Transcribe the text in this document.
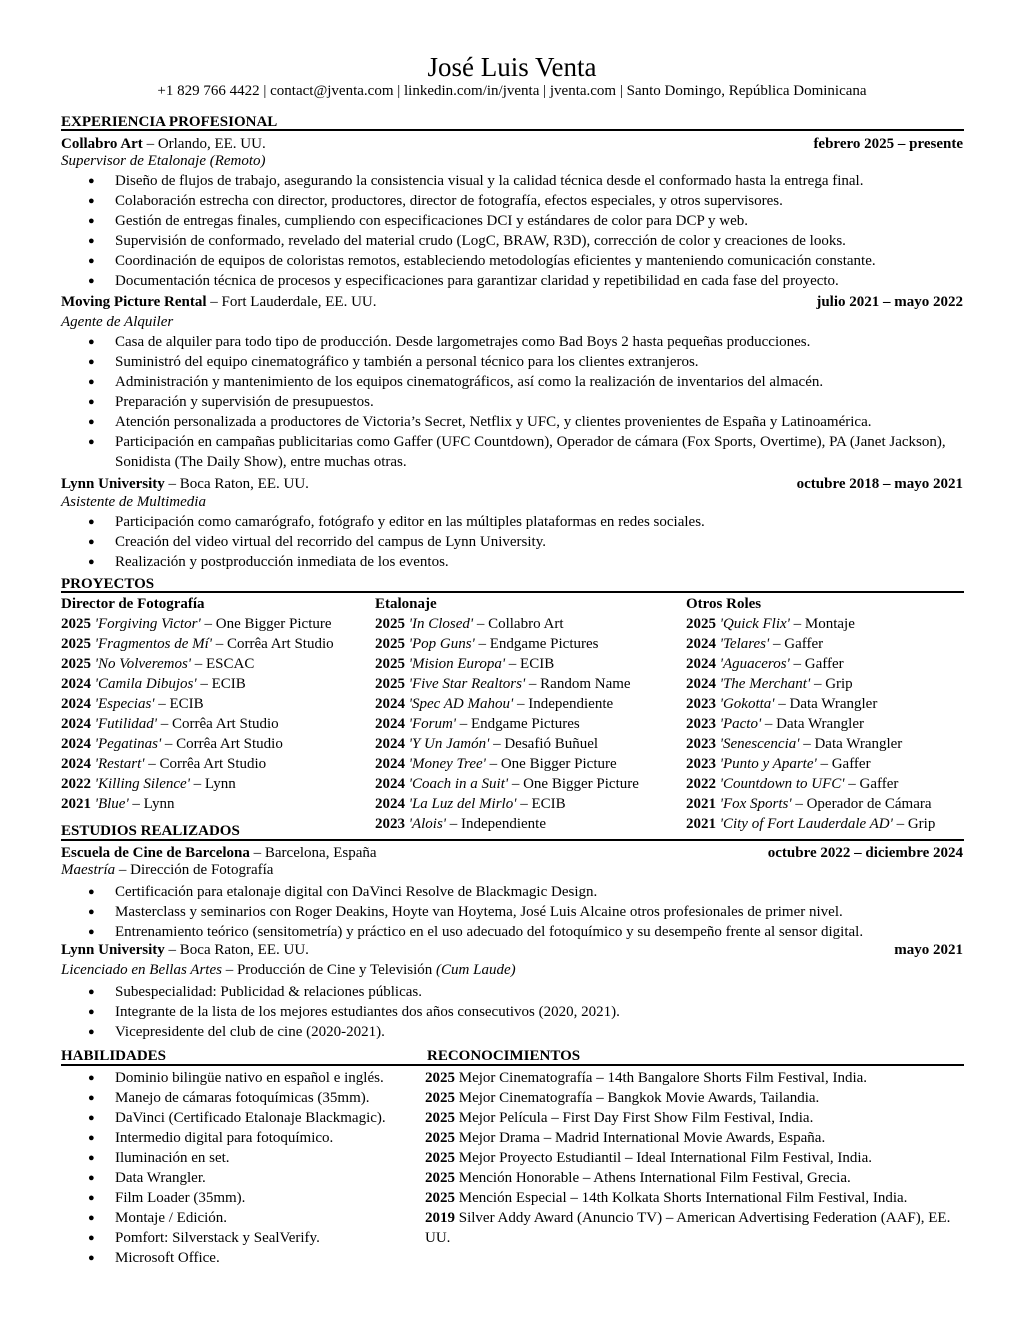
José Luis Venta
+1 829 766 4422 | contact@jventa.com | linkedin.com/in/jventa | jventa.com | Santo Domingo, República Dominicana
EXPERIENCIA PROFESIONAL
Collabro Art – Orlando, EE. UU.	febrero 2025 – presente
Supervisor de Etalonaje (Remoto)
● Diseño de flujos de trabajo, asegurando la consistencia visual y la calidad técnica desde el conformado hasta la entrega final.
● Colaboración estrecha con director, productores, director de fotografía, efectos especiales, y otros supervisores.
● Gestión de entregas finales, cumpliendo con especificaciones DCI y estándares de color para DCP y web.
● Supervisión de conformado, revelado del material crudo (LogC, BRAW, R3D), corrección de color y creaciones de looks.
● Coordinación de equipos de coloristas remotos, estableciendo metodologías eficientes y manteniendo comunicación constante.
● Documentación técnica de procesos y especificaciones para garantizar claridad y repetibilidad en cada fase del proyecto.
Moving Picture Rental – Fort Lauderdale, EE. UU.	julio 2021 – mayo 2022
Agente de Alquiler
● Casa de alquiler para todo tipo de producción. Desde largometrajes como Bad Boys 2 hasta pequeñas producciones.
● Suministró del equipo cinematográfico y también a personal técnico para los clientes extranjeros.
● Administración y mantenimiento de los equipos cinematográficos, así como la realización de inventarios del almacén.
● Preparación y supervisión de presupuestos.
● Atención personalizada a productores de Victoria’s Secret, Netflix y UFC, y clientes provenientes de España y Latinoamérica.
● Participación en campañas publicitarias como Gaffer (UFC Countdown), Operador de cámara (Fox Sports, Overtime), PA (Janet Jackson), Sonidista (The Daily Show), entre muchas otras.
Lynn University – Boca Raton, EE. UU.	octubre 2018 – mayo 2021
Asistente de Multimedia
● Participación como camarógrafo, fotógrafo y editor en las múltiples plataformas en redes sociales.
● Creación del video virtual del recorrido del campus de Lynn University.
● Realización y postproducción inmediata de los eventos.
PROYECTOS
Director de Fotografía
2025 'Forgiving Victor' – One Bigger Picture
2025 'Fragmentos de Mí' – Corrêa Art Studio
2025 'No Volveremos' – ESCAC
2024 'Camila Dibujos' – ECIB
2024 'Especias' – ECIB
2024 'Futilidad' – Corrêa Art Studio
2024 'Pegatinas' – Corrêa Art Studio
2024 'Restart' – Corrêa Art Studio
2022 'Killing Silence' – Lynn
2021 'Blue' – Lynn
Etalonaje
2025 'In Closed' – Collabro Art
2025 'Pop Guns' – Endgame Pictures
2025 'Mision Europa' – ECIB
2025 'Five Star Realtors' – Random Name
2024 'Spec AD Mahou' – Independiente
2024 'Forum' – Endgame Pictures
2024 'Y Un Jamón' – Desafió Buñuel
2024 'Money Tree' – One Bigger Picture
2024 'Coach in a Suit' – One Bigger Picture
2024 'La Luz del Mirlo' – ECIB
2023 'Alois' – Independiente
Otros Roles
2025 'Quick Flix' – Montaje
2024 'Telares' – Gaffer
2024 'Aguaceros' – Gaffer
2024 'The Merchant' – Grip
2023 'Gokotta' – Data Wrangler
2023 'Pacto' – Data Wrangler
2023 'Senescencia' – Data Wrangler
2023 'Punto y Aparte' – Gaffer
2022 'Countdown to UFC' – Gaffer
2021 'Fox Sports' – Operador de Cámara
2021 'City of Fort Lauderdale AD' – Grip
ESTUDIOS REALIZADOS
Escuela de Cine de Barcelona – Barcelona, España	octubre 2022 – diciembre 2024
Maestría – Dirección de Fotografía
● Certificación para etalonaje digital con DaVinci Resolve de Blackmagic Design.
● Masterclass y seminarios con Roger Deakins, Hoyte van Hoytema, José Luis Alcaine otros profesionales de primer nivel.
● Entrenamiento teórico (sensitometría) y práctico en el uso adecuado del fotoquímico y su desempeño frente al sensor digital.
Lynn University – Boca Raton, EE. UU.	mayo 2021
Licenciado en Bellas Artes – Producción de Cine y Televisión (Cum Laude)
● Subespecialidad: Publicidad & relaciones públicas.
● Integrante de la lista de los mejores estudiantes dos años consecutivos (2020, 2021).
● Vicepresidente del club de cine (2020-2021).
HABILIDADES	RECONOCIMIENTOS
● Dominio bilingüe nativo en español e inglés.
● Manejo de cámaras fotoquímicas (35mm).
● DaVinci (Certificado Etalonaje Blackmagic).
● Intermedio digital para fotoquímico.
● Iluminación en set.
● Data Wrangler.
● Film Loader (35mm).
● Montaje / Edición.
● Pomfort: Silverstack y SealVerify.
● Microsoft Office.
2025 Mejor Cinematografía – 14th Bangalore Shorts Film Festival, India.
2025 Mejor Cinematografía – Bangkok Movie Awards, Tailandia.
2025 Mejor Película – First Day First Show Film Festival, India.
2025 Mejor Drama – Madrid International Movie Awards, España.
2025 Mejor Proyecto Estudiantil – Ideal International Film Festival, India.
2025 Mención Honorable – Athens International Film Festival, Grecia.
2025 Mención Especial – 14th Kolkata Shorts International Film Festival, India.
2019 Silver Addy Award (Anuncio TV) – American Advertising Federation (AAF), EE. UU.
